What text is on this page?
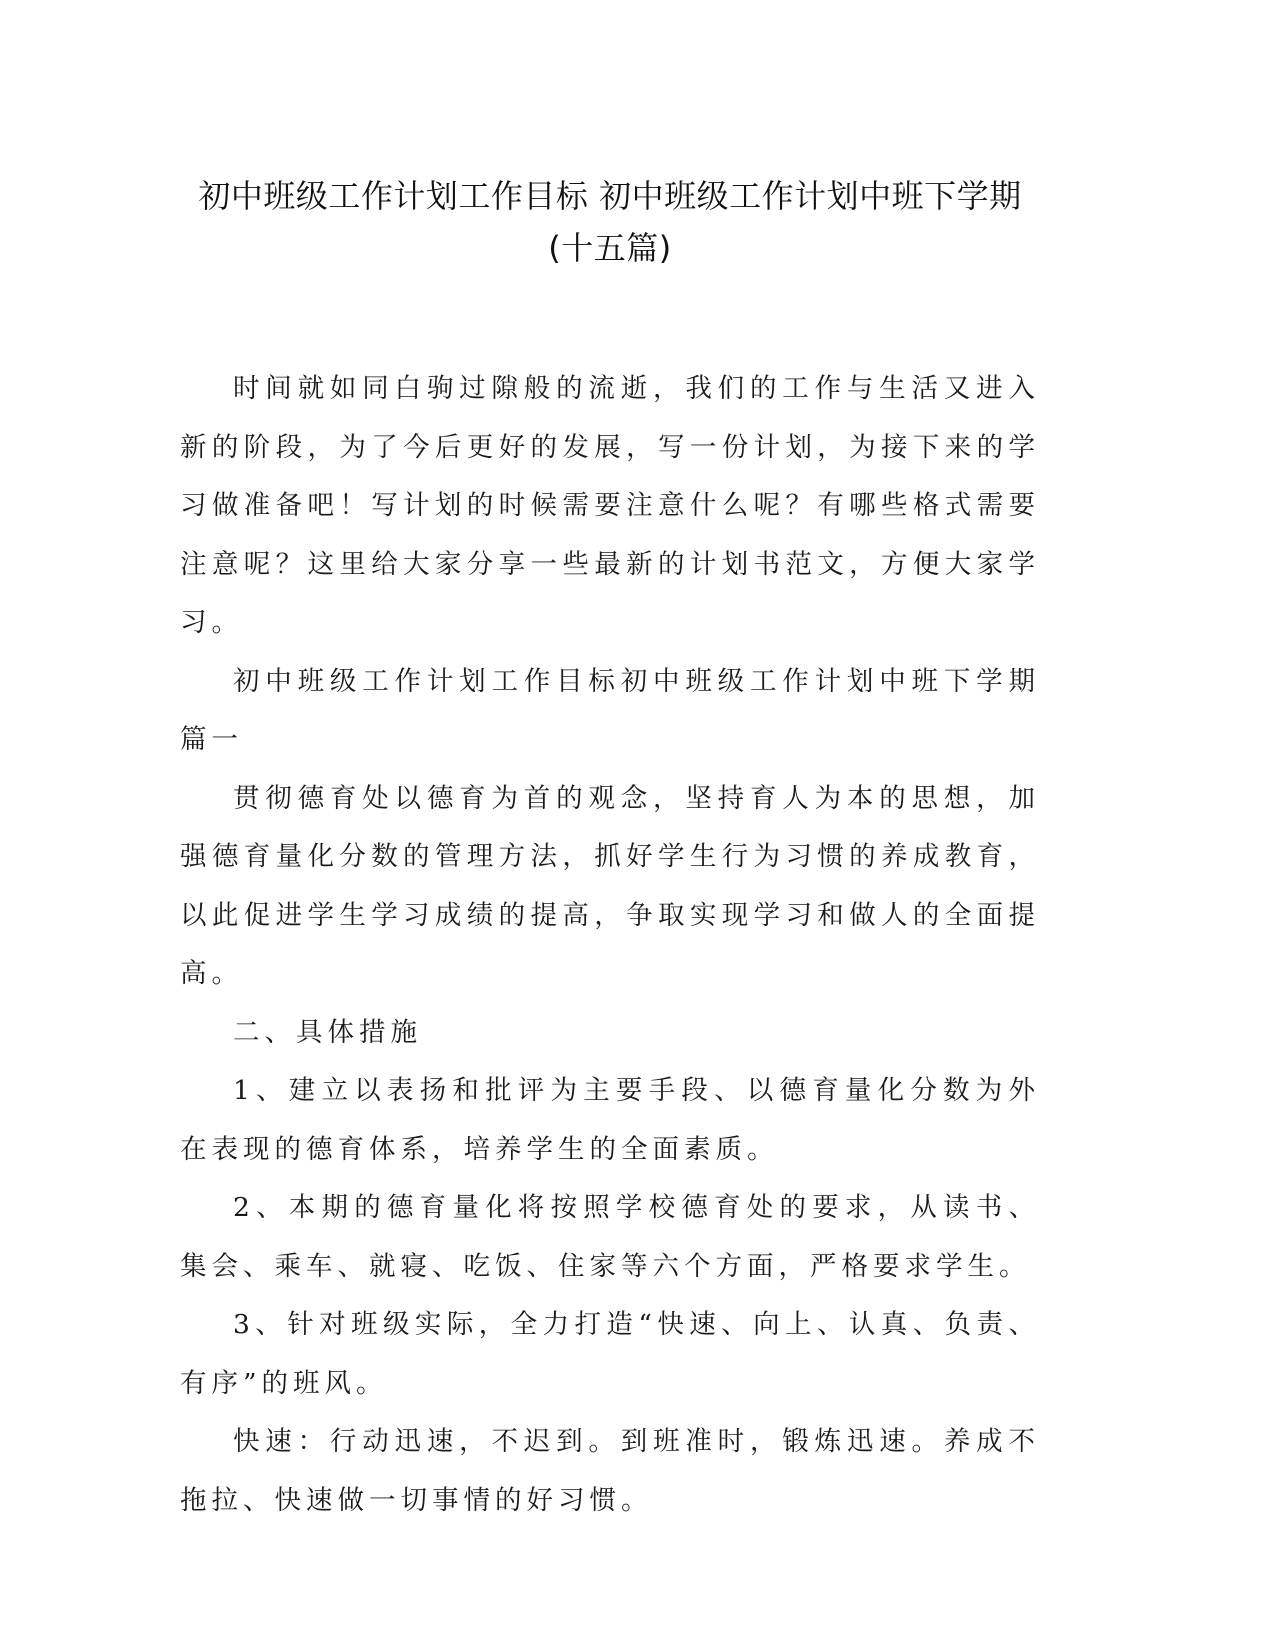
初中班级工作计划工作目标 初中班级工作计划中班下学期(十五篇)

时间就如同白驹过隙般的流逝，我们的工作与生活又进入新的阶段，为了今后更好的发展，写一份计划，为接下来的学习做准备吧！写计划的时候需要注意什么呢？有哪些格式需要注意呢？这里给大家分享一些最新的计划书范文，方便大家学习。

初中班级工作计划工作目标初中班级工作计划中班下学期篇一

贯彻德育处以德育为首的观念，坚持育人为本的思想，加强德育量化分数的管理方法，抓好学生行为习惯的养成教育，以此促进学生学习成绩的提高，争取实现学习和做人的全面提高。

二、具体措施

1、建立以表扬和批评为主要手段、以德育量化分数为外在表现的德育体系，培养学生的全面素质。

2、本期的德育量化将按照学校德育处的要求，从读书、集会、乘车、就寝、吃饭、住家等六个方面，严格要求学生。

3、针对班级实际，全力打造“快速、向上、认真、负责、有序”的班风。

快速：行动迅速，不迟到。到班准时，锻炼迅速。养成不拖拉、快速做一切事情的好习惯。
